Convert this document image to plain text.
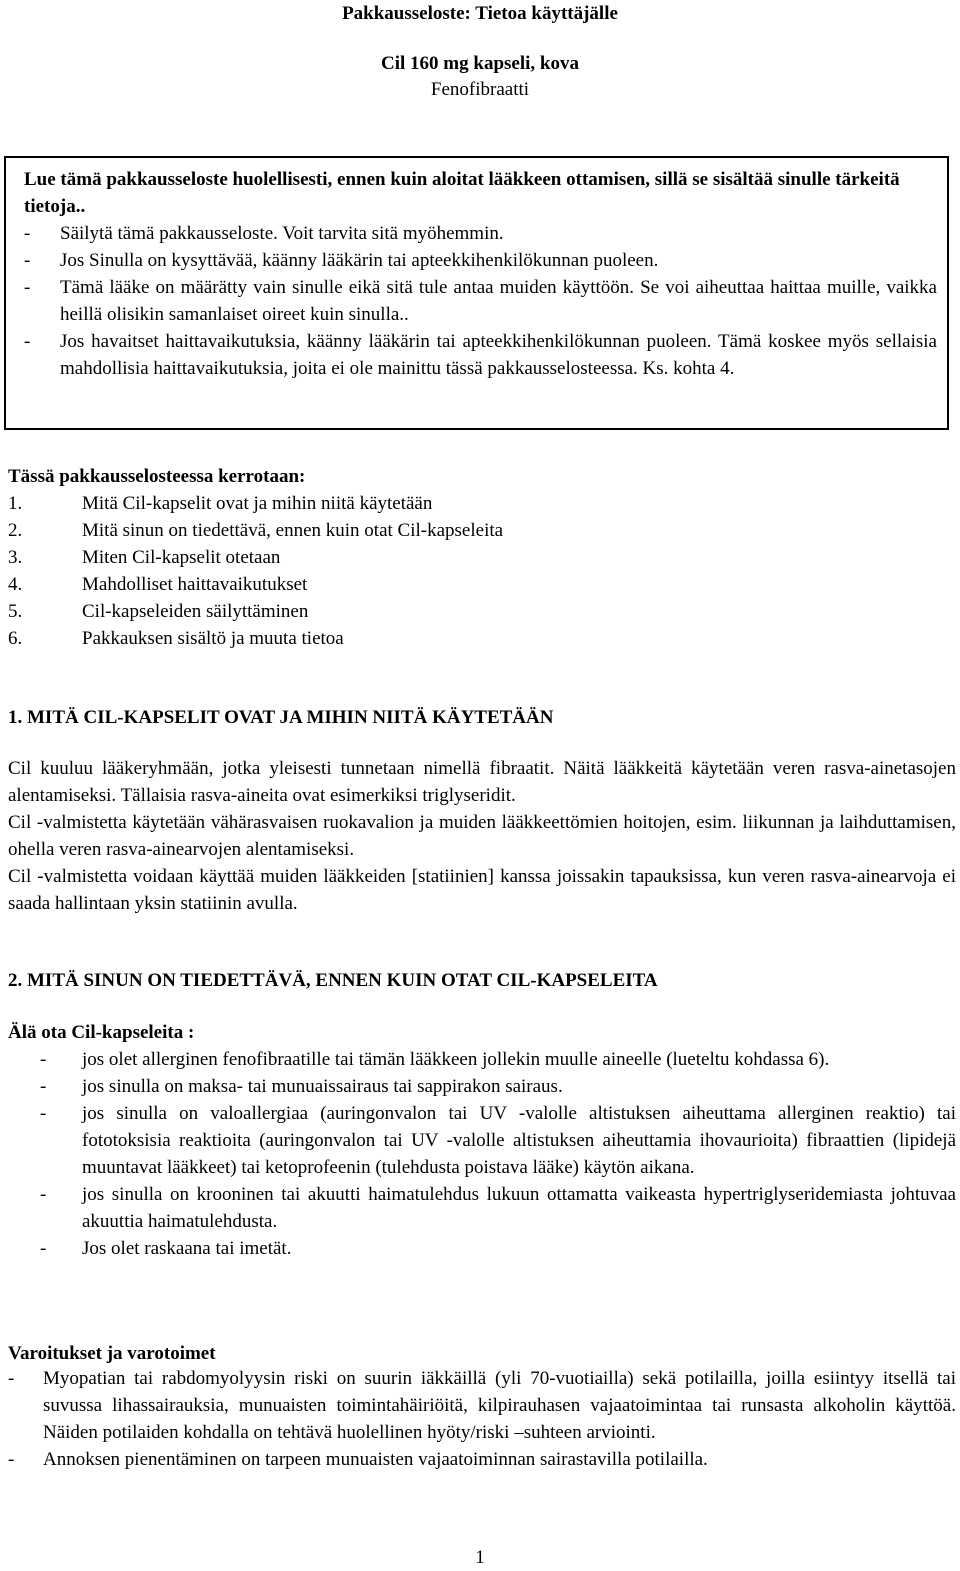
Pakkausseloste: Tietoa käyttäjälle
Cil 160 mg kapseli, kova
Fenofibraatti

Lue tämä pakkausseloste huolellisesti, ennen kuin aloitat lääkkeen ottamisen, sillä se sisältää sinulle tärkeitä tietoja..

- Säilytä tämä pakkausseloste. Voit tarvita sitä myöhemmin.
- Jos Sinulla on kysyttävää, käänny lääkärin tai apteekkihenkilökunnan puoleen.
- Tämä lääke on määrätty vain sinulle eikä sitä tule antaa muiden käyttöön. Se voi aiheuttaa haittaa muille, vaikka heillä olisikin samanlaiset oireet kuin sinulla..
- Jos havaitset haittavaikutuksia, käänny lääkärin tai apteekkihenkilökunnan puoleen. Tämä koskee myös sellaisia mahdollisia haittavaikutuksia, joita ei ole mainittu tässä pakkausselosteessa. Ks. kohta 4.

Tässä pakkausselosteessa kerrotaan:

1.	Mitä Cil-kapselit ovat ja mihin niitä käytetään

2.	Mitä sinun on tiedettävä, ennen kuin otat Cil-kapseleita

3.	Miten Cil-kapselit otetaan

4.	Mahdolliset haittavaikutukset

5.	Cil-kapseleiden säilyttäminen

6.	Pakkauksen sisältö ja muuta tietoa

1. MITÄ CIL-KAPSELIT OVAT JA MIHIN NIITÄ KÄYTETÄÄN

Cil kuuluu lääkeryhmään, jotka yleisesti tunnetaan nimellä fibraatit. Näitä lääkkeitä käytetään veren rasva-ainetasojen alentamiseksi. Tällaisia rasva-aineita ovat esimerkiksi triglyseridit.

Cil -valmistetta käytetään vähärasvaisen ruokavalion ja muiden lääkkeettömien hoitojen, esim. liikunnan ja laihduttamisen, ohella veren rasva-ainearvojen alentamiseksi.

Cil -valmistetta voidaan käyttää muiden lääkkeiden [statiinien] kanssa joissakin tapauksissa, kun veren rasva-ainearvoja ei saada hallintaan yksin statiinin avulla.

2. MITÄ SINUN ON TIEDETTÄVÄ, ENNEN KUIN OTAT CIL-KAPSELEITA
Älä ota Cil-kapseleita :
- jos olet allerginen fenofibraatille tai tämän lääkkeen jollekin muulle aineelle (lueteltu kohdassa 6).
- jos sinulla on maksa- tai munuaissairaus tai sappirakon sairaus.
- jos sinulla on valoallergiaa (auringonvalon tai UV -valolle altistuksen aiheuttama allerginen reaktio) tai fototoksisia reaktioita (auringonvalon tai UV -valolle altistuksen aiheuttamia ihovaurioita) fibraattien (lipidejä muuntavat lääkkeet) tai ketoprofeenin (tulehdusta poistava lääke) käytön aikana.
- jos sinulla on krooninen tai akuutti haimatulehdus lukuun ottamatta vaikeasta hypertriglyseridemiasta johtuvaa akuuttia haimatulehdusta.
- Jos olet raskaana tai imetät.
Varoitukset ja varotoimet
- Myopatian tai rabdomyolyysin riski on suurin iäkkäillä (yli 70-vuotiailla) sekä potilailla, joilla esiintyy itsellä tai suvussa lihassairauksia, munuaisten toimintahäiriöitä, kilpirauhasen vajaatoimintaa tai runsasta alkoholin käyttöä. Näiden potilaiden kohdalla on tehtävä huolellinen hyöty/riski –suhteen arviointi.
- Annoksen pienentäminen on tarpeen munuaisten vajaatoiminnan sairastavilla potilailla.
1
